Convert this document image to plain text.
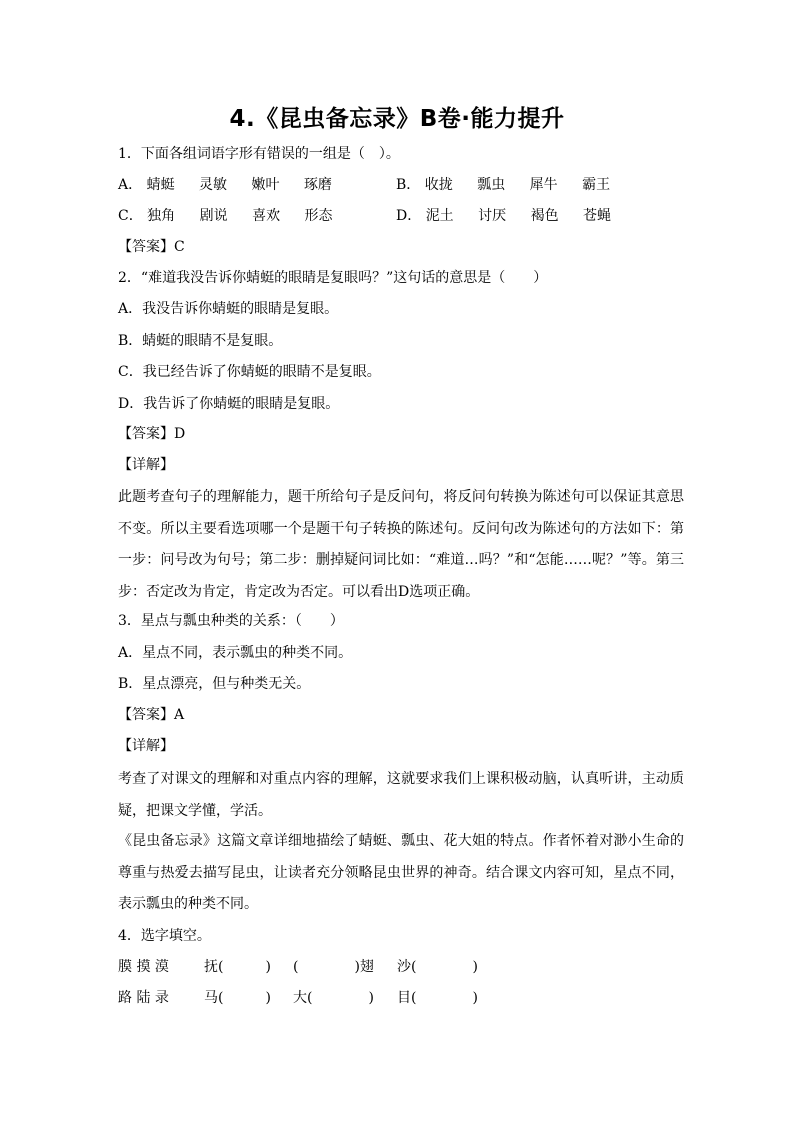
4.《昆虫备忘录》B卷·能力提升
1．下面各组词语字形有错误的一组是（　）。
A． 蜻蜓 灵敏 嫩叶 琢磨	B． 收拢 瓢虫 犀牛 霸王
C． 独角 剧说 喜欢 形态	D． 泥土 讨厌 褐色 苍蝇
【答案】C
2．“难道我没告诉你蜻蜓的眼睛是复眼吗？”这句话的意思是（　　）
A．我没告诉你蜻蜓的眼睛是复眼。
B．蜻蜓的眼睛不是复眼。
C．我已经告诉了你蜻蜓的眼睛不是复眼。
D．我告诉了你蜻蜓的眼睛是复眼。
【答案】D
【详解】
此题考查句子的理解能力，题干所给句子是反问句，将反问句转换为陈述句可以保证其意思不变。所以主要看选项哪一个是题干句子转换的陈述句。反问句改为陈述句的方法如下：第一步：问号改为句号；第二步：删掉疑问词比如：“难道…吗？”和“怎能……呢？”等。第三步：否定改为肯定，肯定改为否定。可以看出D选项正确。
3．星点与瓢虫种类的关系：（　　）
A．星点不同，表示瓢虫的种类不同。
B．星点漂亮，但与种类无关。
【答案】A
【详解】
考查了对课文的理解和对重点内容的理解，这就要求我们上课积极动脑，认真听讲，主动质疑，把课文学懂，学活。
《昆虫备忘录》这篇文章详细地描绘了蜻蜓、瓢虫、花大姐的特点。作者怀着对渺小生命的尊重与热爱去描写昆虫，让读者充分领略昆虫世界的神奇。结合课文内容可知，星点不同，表示瓢虫的种类不同。
4．选字填空。
膜 摸 漠	抚(　　　) (　　　　)翅 沙(　　　　)
路 陆 录	马(　　　) 大(　　　　) 目(　　　　)
